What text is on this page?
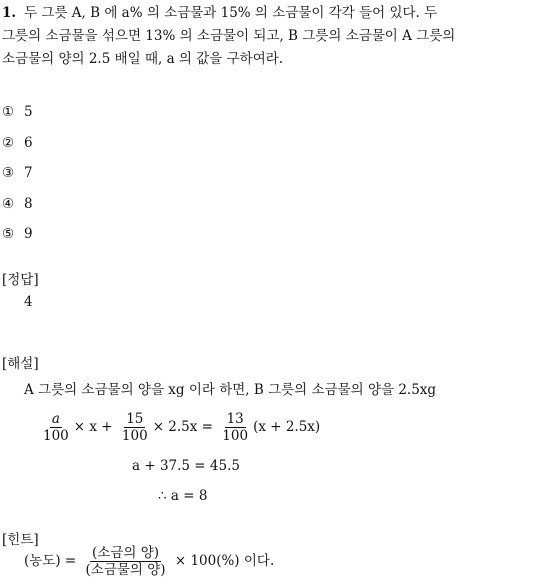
1. 두 그릇 A, B 에 a% 의 소금물과 15% 의 소금물이 각각 들어 있다. 두
그릇의 소금물을 섞으면 13% 의 소금물이 되고, B 그릇의 소금물이 A 그릇의
소금물의 양의 2.5 배일 때, a 의 값을 구하여라.
① 5
② 6
③ 7
④ 8
⑤ 9
[정답]
4
[해설]
A 그릇의 소금물의 양을 xg 이라 하면, B 그릇의 소금물의 양을 2.5xg
$\frac{a}{100} \times x + \frac{15}{100} \times 2.5x = \frac{13}{100} (x + 2.5x)$
a + 37.5 = 45.5
∴ a = 8
[힌트]
(농도) = $\frac{\text{(소금의 양)}}{\text{(소금물의 양)}} \times 100(\%)$ 이다.
